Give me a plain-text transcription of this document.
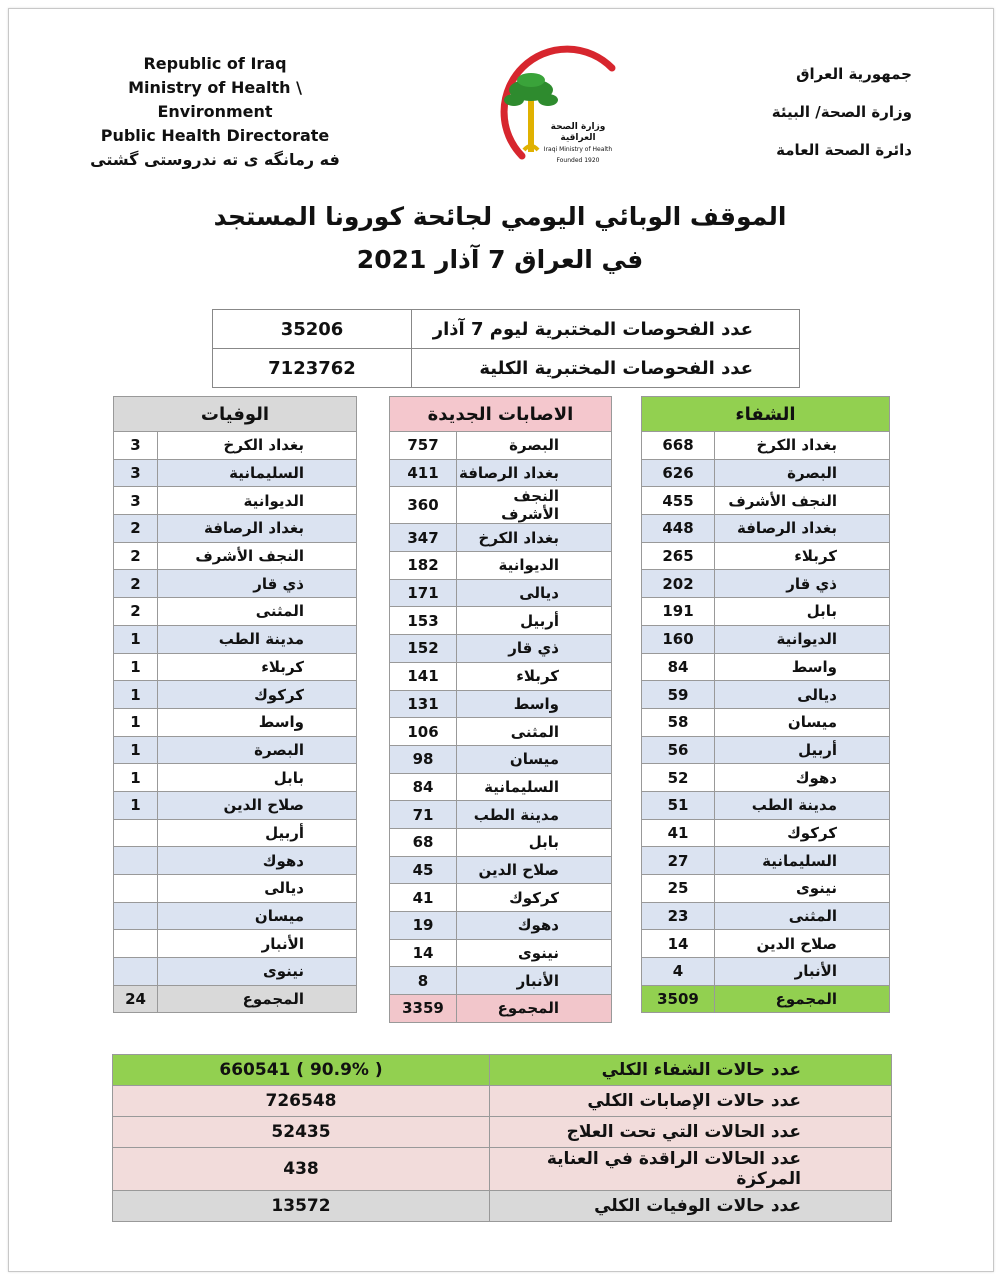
Republic of Iraq
Ministry of Health \ Environment
Public Health Directorate
فه رمانگه ى ته ندروستى گشتى
جمهورية العراق
وزارة الصحة/ البيئة
دائرة الصحة العامة
وزارة الصحة العراقية
Iraqi Ministry of Health
Founded 1920
الموقف الوبائي اليومي لجائحة كورونا المستجد
في العراق 7 آذار 2021
35206	عدد الفحوصات المختبرية ليوم 7 آذار
7123762	عدد الفحوصات المختبرية الكلية
الشفاء	
668	بغداد الكرخ
626	البصرة
455	النجف الأشرف
448	بغداد الرصافة
265	كربلاء
202	ذي قار
191	بابل
160	الديوانية
84	واسط
59	ديالى
58	ميسان
56	أربيل
52	دهوك
51	مدينة الطب
41	كركوك
27	السليمانية
25	نينوى
23	المثنى
14	صلاح الدين
4	الأنبار
3509	المجموع
الاصابات الجديدة	
757	البصرة
411	بغداد الرصافة
360	النجف الأشرف
347	بغداد الكرخ
182	الديوانية
171	ديالى
153	أربيل
152	ذي قار
141	كربلاء
131	واسط
106	المثنى
98	ميسان
84	السليمانية
71	مدينة الطب
68	بابل
45	صلاح الدين
41	كركوك
19	دهوك
14	نينوى
8	الأنبار
3359	المجموع
الوفيات	
3	بغداد الكرخ
3	السليمانية
3	الديوانية
2	بغداد الرصافة
2	النجف الأشرف
2	ذي قار
2	المثنى
1	مدينة الطب
1	كربلاء
1	كركوك
1	واسط
1	البصرة
1	بابل
1	صلاح الدين
	أربيل
	دهوك
	ديالى
	ميسان
	الأنبار
	نينوى
24	المجموع
660541 ( 90.9% )	عدد حالات الشفاء الكلي
726548	عدد حالات الإصابات الكلي
52435	عدد الحالات التي تحت العلاج
438	عدد الحالات الراقدة في العناية المركزة
13572	عدد حالات الوفيات الكلي
